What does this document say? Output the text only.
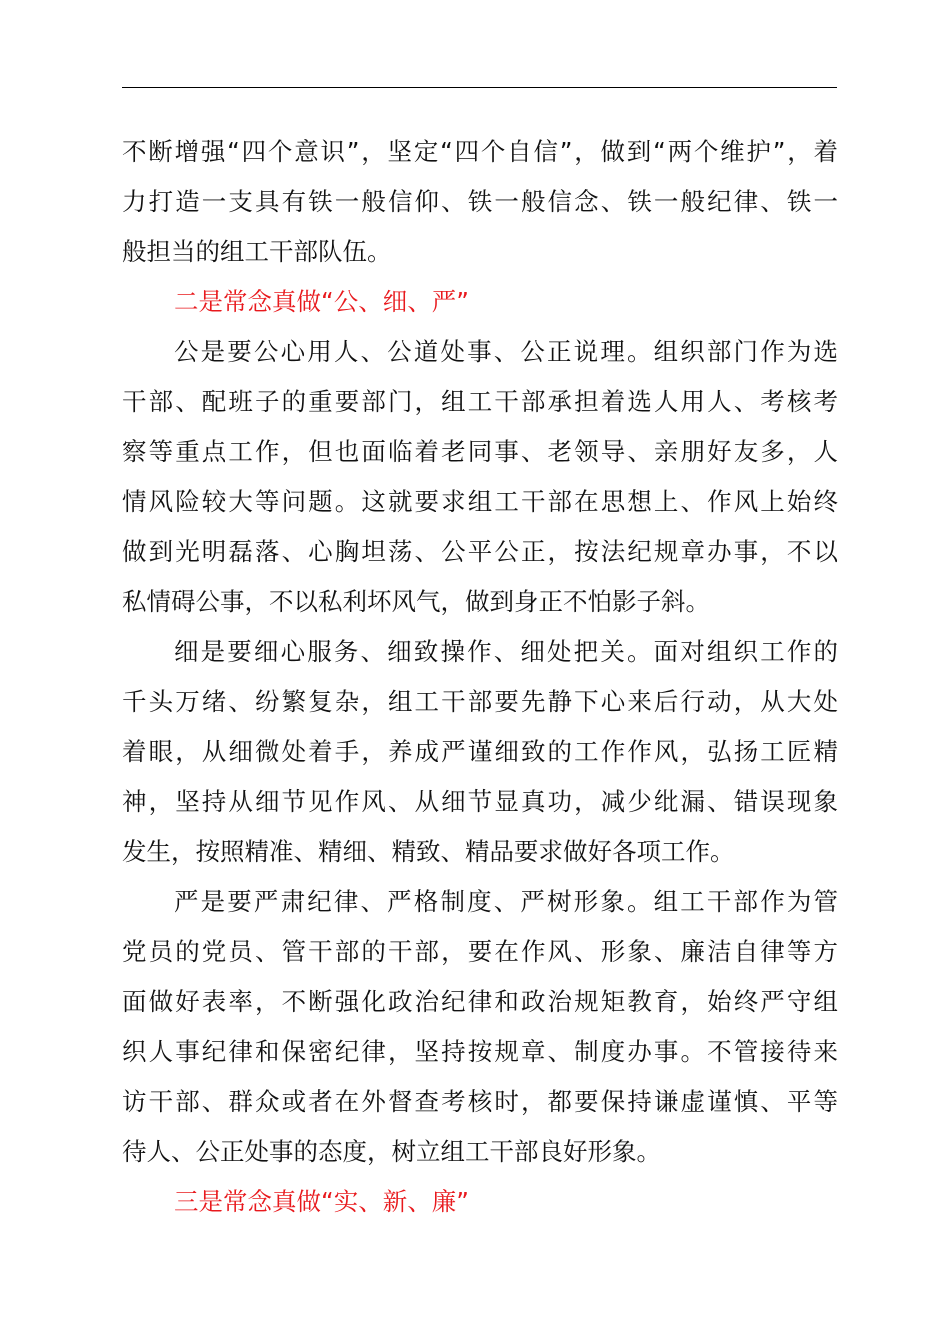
不断增强“四个意识”，坚定“四个自信”，做到“两个维护”，着
力打造一支具有铁一般信仰、铁一般信念、铁一般纪律、铁一
般担当的组工干部队伍。
二是常念真做“公、细、严”
公是要公心用人、公道处事、公正说理。组织部门作为选
干部、配班子的重要部门，组工干部承担着选人用人、考核考
察等重点工作，但也面临着老同事、老领导、亲朋好友多，人
情风险较大等问题。这就要求组工干部在思想上、作风上始终
做到光明磊落、心胸坦荡、公平公正，按法纪规章办事，不以
私情碍公事，不以私利坏风气，做到身正不怕影子斜。
细是要细心服务、细致操作、细处把关。面对组织工作的
千头万绪、纷繁复杂，组工干部要先静下心来后行动，从大处
着眼，从细微处着手，养成严谨细致的工作作风，弘扬工匠精
神，坚持从细节见作风、从细节显真功，减少纰漏、错误现象
发生，按照精准、精细、精致、精品要求做好各项工作。
严是要严肃纪律、严格制度、严树形象。组工干部作为管
党员的党员、管干部的干部，要在作风、形象、廉洁自律等方
面做好表率，不断强化政治纪律和政治规矩教育，始终严守组
织人事纪律和保密纪律，坚持按规章、制度办事。不管接待来
访干部、群众或者在外督查考核时，都要保持谦虚谨慎、平等
待人、公正处事的态度，树立组工干部良好形象。
三是常念真做“实、新、廉”
